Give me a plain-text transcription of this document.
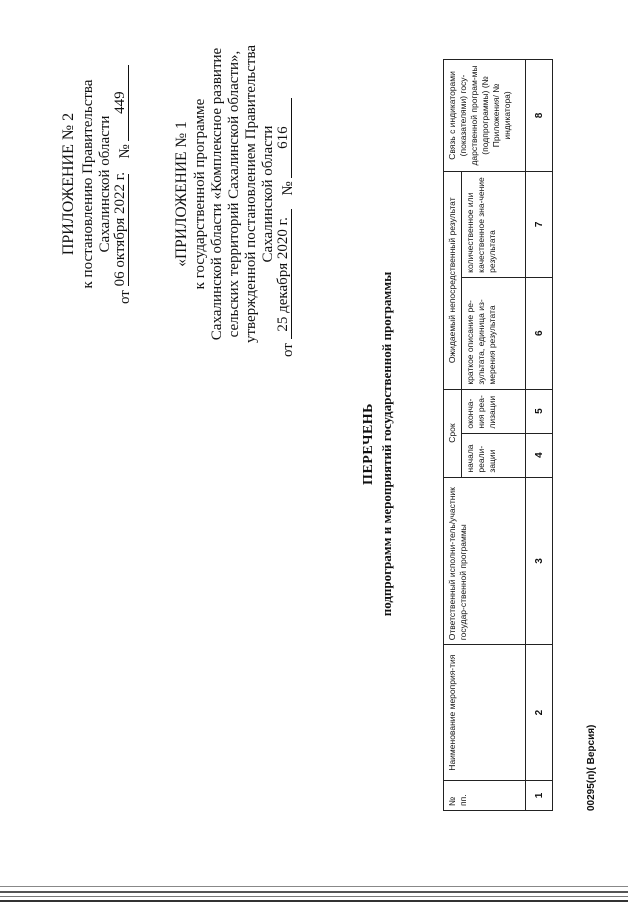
ПРИЛОЖЕНИЕ № 2 к постановлению Правительства Сахалинской области
от
06 октября 2022 г.
№
449
«ПРИЛОЖЕНИЕ № 1 к государственной программе Сахалинской области «Комплексное развитие сельских территорий Сахалинской области», утвержденной постановлением Правительства Сахалинской области
от
25 декабря 2020 г.
№
616
ПЕРЕЧЕНЬ подпрограмм и мероприятий государственной программы
№ пп.	Наименование мероприя-тия	Ответственный исполни-тель/участник государ-ственной программы	Срок		Ожидаемый непосредственный результат		Связь с индикаторами (показателями) госу-дарственной програм-мы (подпрограммы) (№ Приложения/ № индикатора)
			начала реали-зации	оконча-ния реа-лизации	краткое описание ре-зультата, единица из-мерения результата	количественное или качественное зна-чение результата	
1	2	3	4	5	6	7	8
00295(п)( Версия)
